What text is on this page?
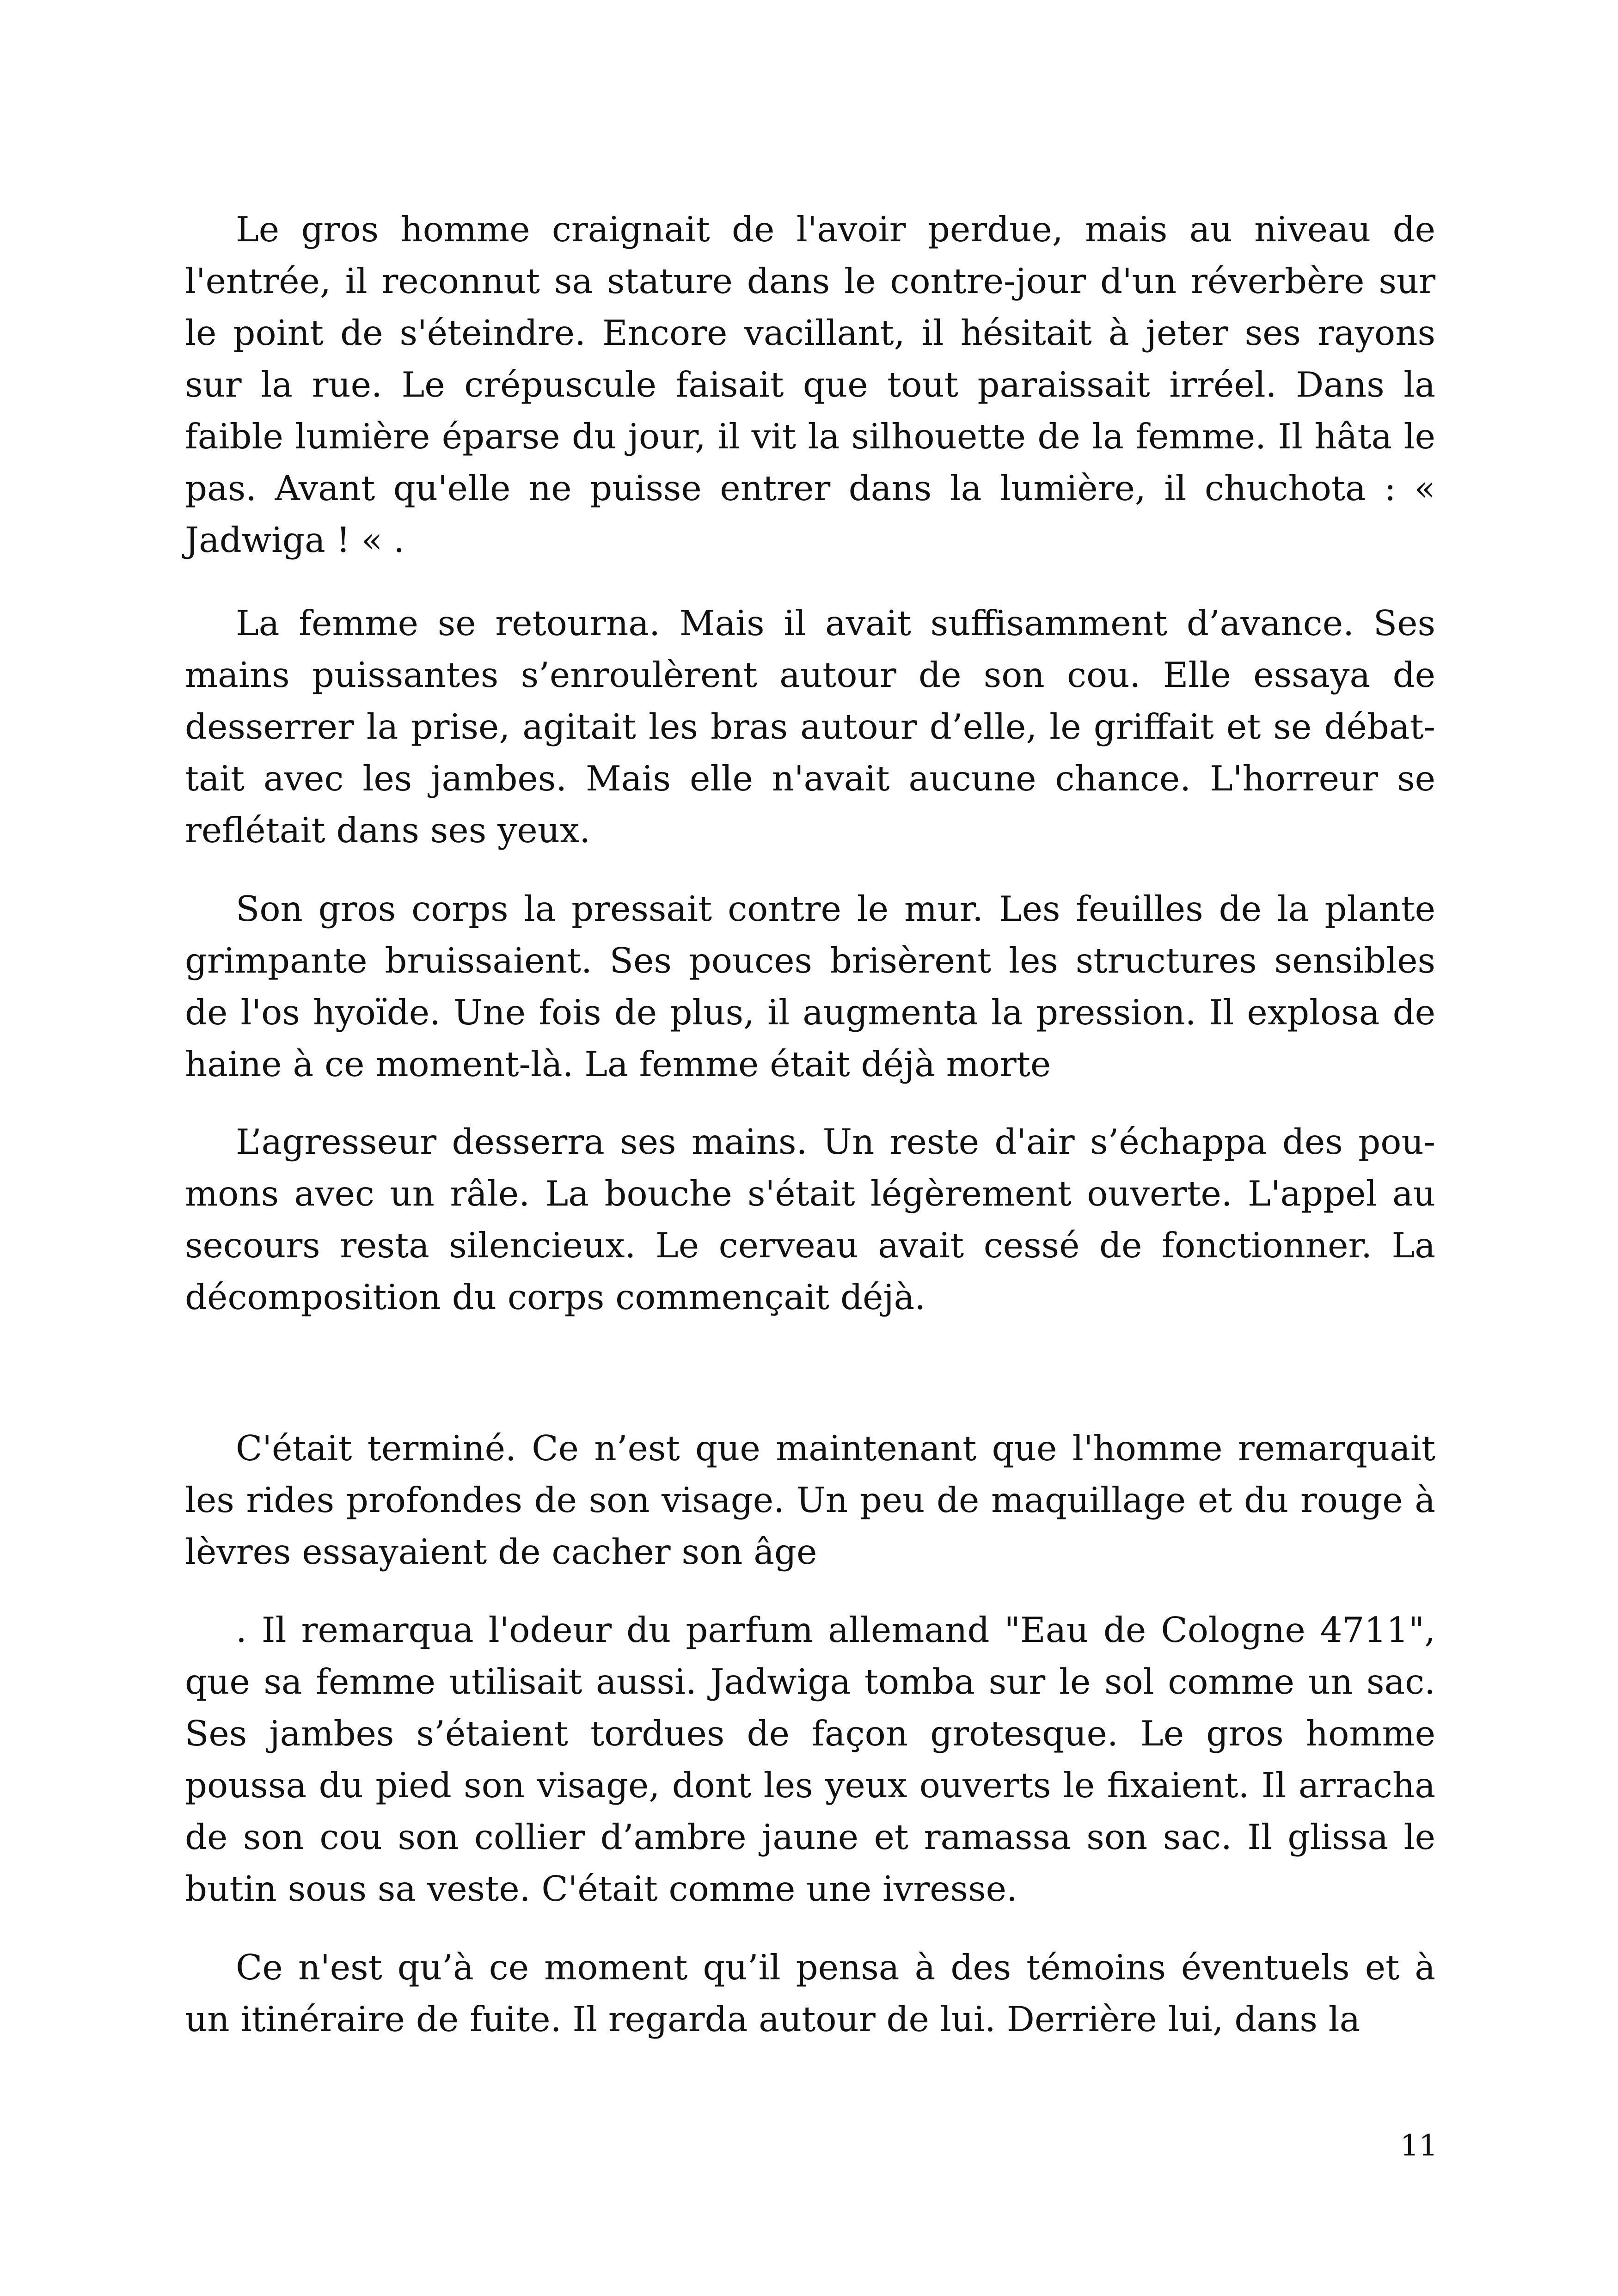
Le gros homme craignait de l'avoir perdue, mais au niveau de l'entrée, il reconnut sa stature dans le contre-jour d'un réverbère sur le point de s'éteindre. Encore vacillant, il hésitait à jeter ses rayons sur la rue. Le crépuscule faisait que tout paraissait irréel. Dans la faible lumière éparse du jour, il vit la silhouette de la femme. Il hâta le pas. Avant qu'elle ne puisse entrer dans la lumière, il chuchota : « Jadwiga ! « .

La femme se retourna. Mais il avait suffisamment d’avance. Ses mains puissantes s’enroulèrent autour de son cou. Elle essaya de desserrer la prise, agitait les bras autour d’elle, le griffait et se débattait avec les jambes. Mais elle n'avait aucune chance. L'horreur se reflétait dans ses yeux.

Son gros corps la pressait contre le mur. Les feuilles de la plante grimpante bruissaient. Ses pouces brisèrent les structures sensibles de l'os hyoïde. Une fois de plus, il augmenta la pression. Il explosa de haine à ce moment-là. La femme était déjà morte

L’agresseur desserra ses mains. Un reste d'air s’échappa des poumons avec un râle. La bouche s'était légèrement ouverte. L'appel au secours resta silencieux. Le cerveau avait cessé de fonctionner. La décomposition du corps commençait déjà.

C'était terminé. Ce n’est que maintenant que l'homme remarquait les rides profondes de son visage. Un peu de maquillage et du rouge à lèvres essayaient de cacher son âge

. Il remarqua l'odeur du parfum allemand "Eau de Cologne 4711", que sa femme utilisait aussi. Jadwiga tomba sur le sol comme un sac. Ses jambes s’étaient tordues de façon grotesque. Le gros homme poussa du pied son visage, dont les yeux ouverts le fixaient. Il arracha de son cou son collier d’ambre jaune et ramassa son sac. Il glissa le butin sous sa veste. C'était comme une ivresse.

Ce n'est qu’à ce moment qu’il pensa à des témoins éventuels et à un itinéraire de fuite. Il regarda autour de lui. Derrière lui, dans la

11
